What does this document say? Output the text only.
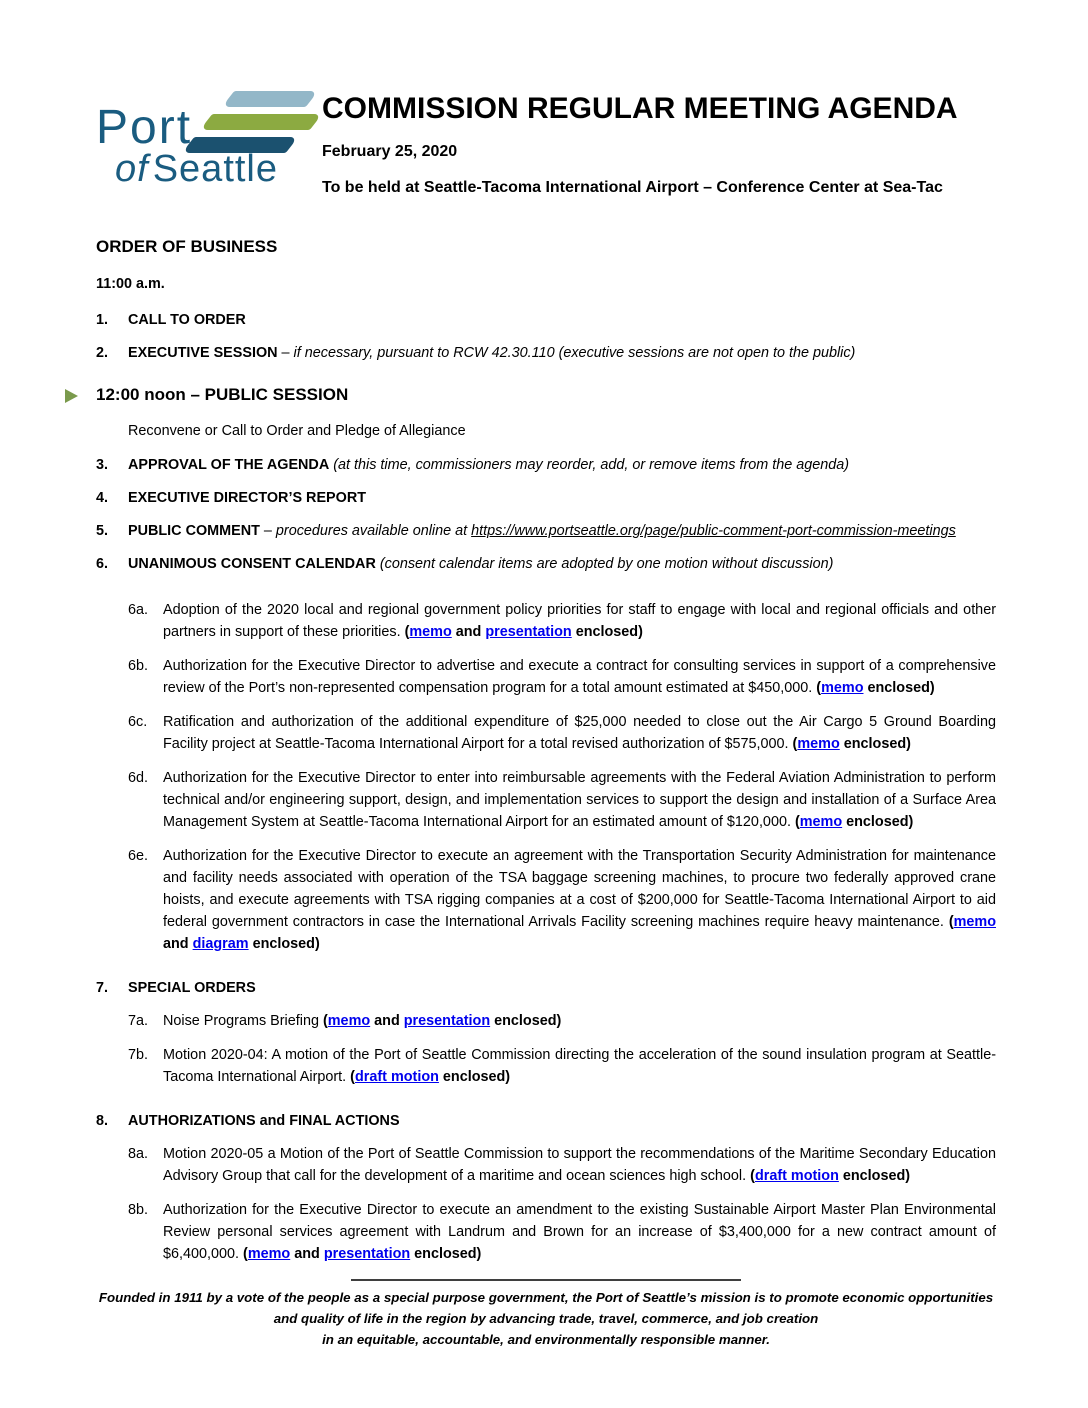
Port
of Seattle
COMMISSION REGULAR MEETING AGENDA

February 25, 2020

To be held at Seattle-Tacoma International Airport – Conference Center at Sea-Tac

ORDER OF BUSINESS

11:00 a.m.

1.	CALL TO ORDER

2.	EXECUTIVE SESSION – if necessary, pursuant to RCW 42.30.110 (executive sessions are not open to the public)

12:00 noon – PUBLIC SESSION

Reconvene or Call to Order and Pledge of Allegiance

3.	APPROVAL OF THE AGENDA (at this time, commissioners may reorder, add, or remove items from the agenda)

4.	EXECUTIVE DIRECTOR’S REPORT

5.	PUBLIC COMMENT – procedures available online at https://www.portseattle.org/page/public-comment-port-commission-meetings

6.	UNANIMOUS CONSENT CALENDAR (consent calendar items are adopted by one motion without discussion)

6a.	Adoption of the 2020 local and regional government policy priorities for staff to engage with local and regional officials and other partners in support of these priorities. (memo and presentation enclosed)

6b.	Authorization for the Executive Director to advertise and execute a contract for consulting services in support of a comprehensive review of the Port’s non-represented compensation program for a total amount estimated at $450,000. (memo enclosed)

6c.	Ratification and authorization of the additional expenditure of $25,000 needed to close out the Air Cargo 5 Ground Boarding Facility project at Seattle-Tacoma International Airport for a total revised authorization of $575,000. (memo enclosed)

6d.	Authorization for the Executive Director to enter into reimbursable agreements with the Federal Aviation Administration to perform technical and/or engineering support, design, and implementation services to support the design and installation of a Surface Area Management System at Seattle-Tacoma International Airport for an estimated amount of $120,000. (memo enclosed)

6e.	Authorization for the Executive Director to execute an agreement with the Transportation Security Administration for maintenance and facility needs associated with operation of the TSA baggage screening machines, to procure two federally approved crane hoists, and execute agreements with TSA rigging companies at a cost of $200,000 for Seattle-Tacoma International Airport to aid federal government contractors in case the International Arrivals Facility screening machines require heavy maintenance. (memo and diagram enclosed)

7.	SPECIAL ORDERS

7a.	Noise Programs Briefing (memo and presentation enclosed)

7b.	Motion 2020-04: A motion of the Port of Seattle Commission directing the acceleration of the sound insulation program at Seattle-Tacoma International Airport. (draft motion enclosed)

8.	AUTHORIZATIONS and FINAL ACTIONS

8a.	Motion 2020-05 a Motion of the Port of Seattle Commission to support the recommendations of the Maritime Secondary Education Advisory Group that call for the development of a maritime and ocean sciences high school. (draft motion enclosed)

8b.	Authorization for the Executive Director to execute an amendment to the existing Sustainable Airport Master Plan Environmental Review personal services agreement with Landrum and Brown for an increase of $3,400,000 for a new contract amount of $6,400,000. (memo and presentation enclosed)

Founded in 1911 by a vote of the people as a special purpose government, the Port of Seattle’s mission is to promote economic opportunities
and quality of life in the region by advancing trade, travel, commerce, and job creation
in an equitable, accountable, and environmentally responsible manner.
